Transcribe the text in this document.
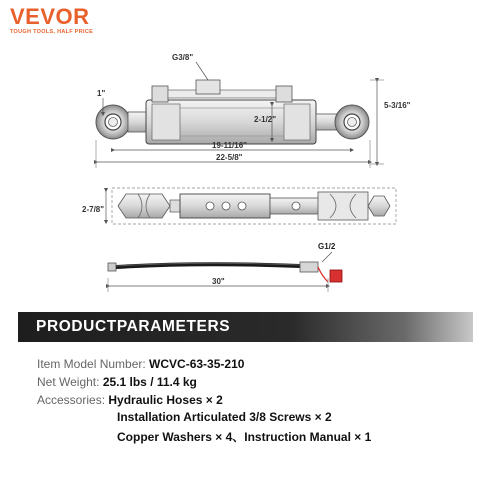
VEVOR
TOUGH TOOLS, HALF PRICE
G3/8"
1"
2-1/2"
5-3/16"
19-11/16"
22-5/8"
2-7/8"
G1/2
30"
PRODUCTPARAMETERS
Item Model Number: WCVC-63-35-210
Net Weight: 25.1 lbs / 11.4 kg
Accessories: Hydraulic Hoses × 2
Installation Articulated 3/8 Screws × 2
Copper Washers × 4、Instruction Manual × 1
